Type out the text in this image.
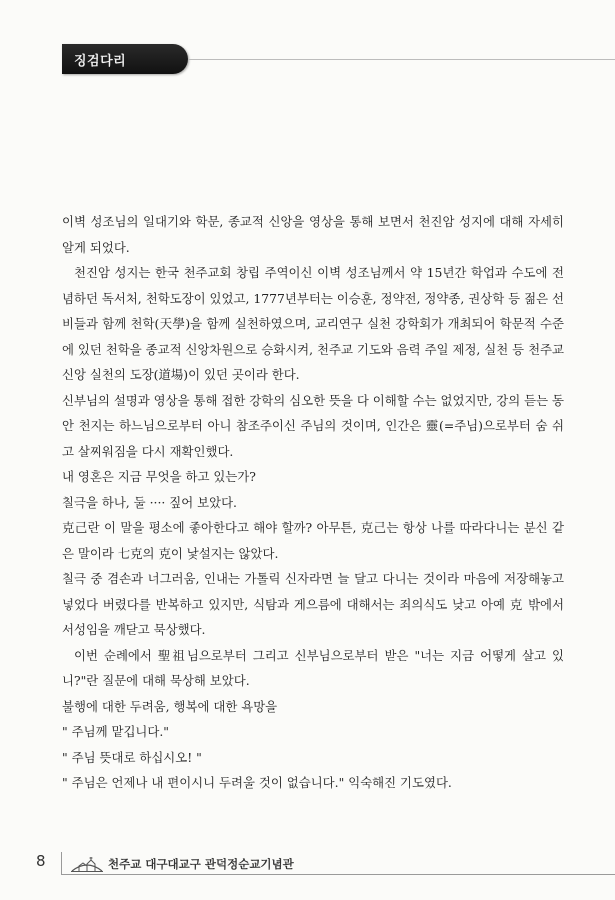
징검다리

이벽 성조님의 일대기와 학문, 종교적 신앙을 영상을 통해 보면서 천진암 성지에 대해 자세히 알게 되었다.

천진암 성지는 한국 천주교회 창립 주역이신 이벽 성조님께서 약 15년간 학업과 수도에 전념하던 독서처, 천학도장이 있었고, 1777년부터는 이승훈, 정약전, 정약종, 권상학 등 젊은 선비들과 함께 천학(天學)을 함께 실천하였으며, 교리연구 실천 강학회가 개최되어 학문적 수준에 있던 천학을 종교적 신앙차원으로 승화시켜, 천주교 기도와 음력 주일 제정, 실천 등 천주교 신앙 실천의 도장(道場)이 있던 곳이라 한다.

신부님의 설명과 영상을 통해 접한 강학의 심오한 뜻을 다 이해할 수는 없었지만, 강의 듣는 동안 천지는 하느님으로부터 아니 참조주이신 주님의 것이며, 인간은 靈(=주님)으로부터 숨 쉬고 살찌워짐을 다시 재확인했다.

내 영혼은 지금 무엇을 하고 있는가?

칠극을 하나, 둘 ···· 짚어 보았다.

克己란 이 말을 평소에 좋아한다고 해야 할까? 아무튼, 克己는 항상 나를 따라다니는 분신 같은 말이라 七克의 克이 낯설지는 않았다.

칠극 중 겸손과 너그러움, 인내는 가톨릭 신자라면 늘 달고 다니는 것이라 마음에 저장해놓고 넣었다 버렸다를 반복하고 있지만, 식탐과 게으름에 대해서는 죄의식도 낮고 아예 克 밖에서 서성임을 깨닫고 묵상했다.

이번 순례에서 聖祖님으로부터 그리고 신부님으로부터 받은 "너는 지금 어떻게 살고 있니?"란 질문에 대해 묵상해 보았다.

불행에 대한 두려움, 행복에 대한 욕망을

" 주님께 맡깁니다."

" 주님 뜻대로 하십시오! "

" 주님은 언제나 내 편이시니 두려울 것이 없습니다." 익숙해진 기도였다.

8	천주교 대구대교구 관덕정순교기념관
